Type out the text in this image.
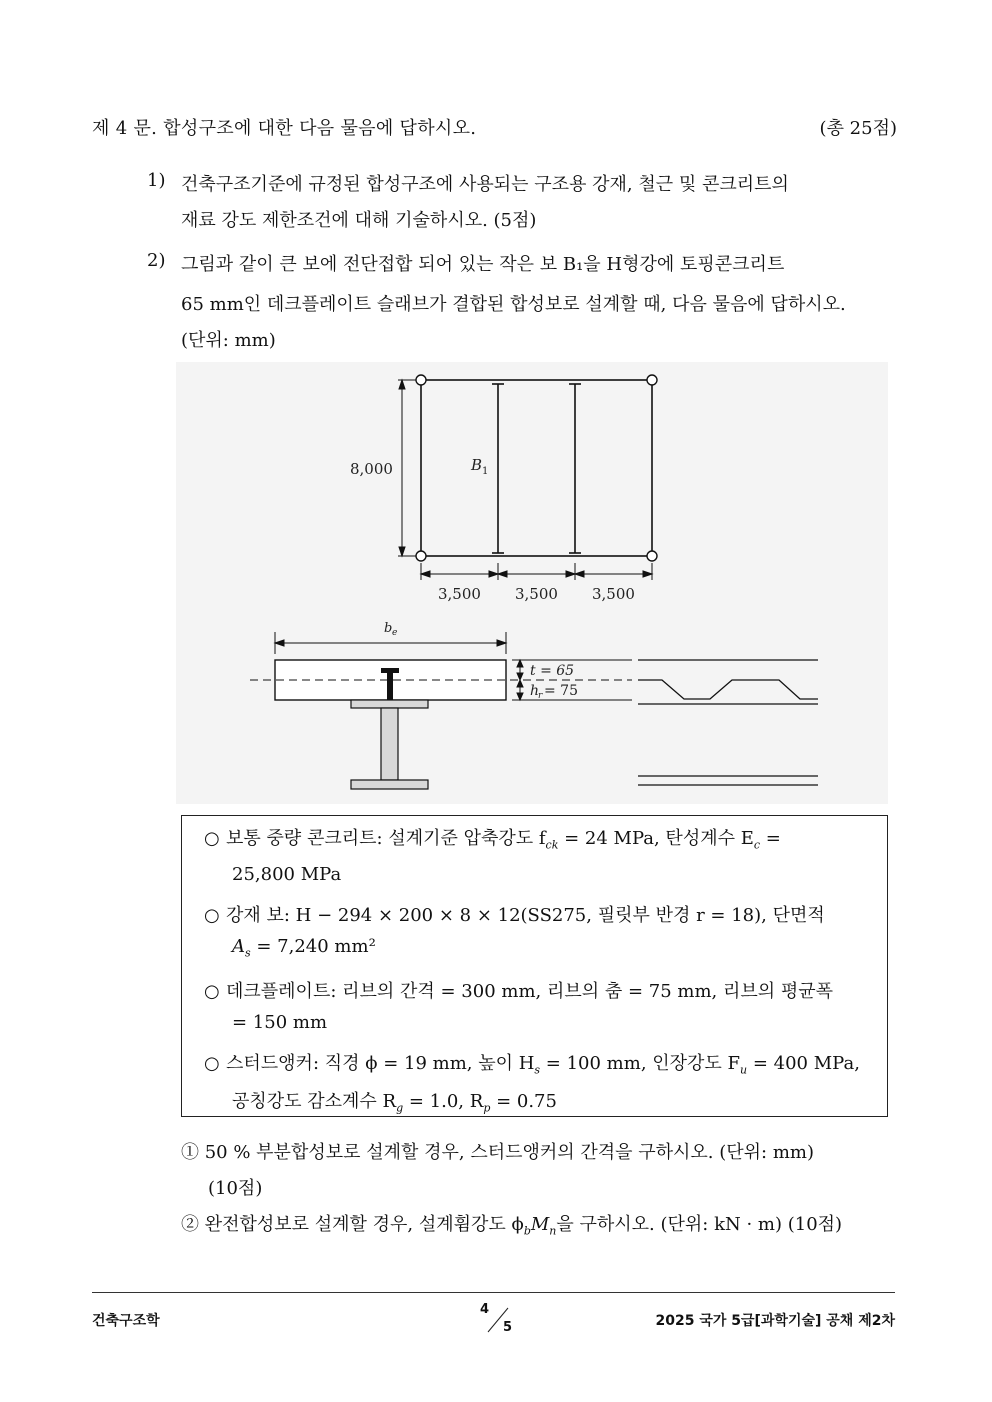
제 4 문. 합성구조에 대한 다음 물음에 답하시오.	(총 25점)
1) 건축구조기준에 규정된 합성구조에 사용되는 구조용 강재, 철근 및 콘크리트의
재료 강도 제한조건에 대해 기술하시오. (5점)
2) 그림과 같이 큰 보에 전단접합 되어 있는 작은 보 B₁을 H형강에 토핑콘크리트
65 mm인 데크플레이트 슬래브가 결합된 합성보로 설계할 때, 다음 물음에 답하시오.
(단위: mm)
8,000	B 1
3,500 3,500 3,500
b e
t = 65
h
r = 75
○ 보통 중량 콘크리트: 설계기준 압축강도 $f_{ck} = 24$ MPa, 탄성계수 $E_c$ =
25,800 MPa
○ 강재 보: H − 294 × 200 × 8 × 12(SS275, 필릿부 반경 r = 18), 단면적
$A_s = 7,240$ mm²
○ 데크플레이트: 리브의 간격 = 300 mm, 리브의 춤 = 75 mm, 리브의 평균폭
= 150 mm
○ 스터드앵커: 직경 ϕ = 19 mm, 높이 $H_s = 100$ mm, 인장강도 $F_u = 400$ MPa,
공칭강도 감소계수 $R_g = 1.0$, $R_p = 0.75$
① 50 % 부분합성보로 설계할 경우, 스터드앵커의 간격을 구하시오. (단위: mm)
(10점)
② 완전합성보로 설계할 경우, 설계휨강도 $\phi_bM_n$을 구하시오. (단위: kN · m) (10점)
건축구조학
4
5	2025 국가 5급[과학기술] 공채 제2차
